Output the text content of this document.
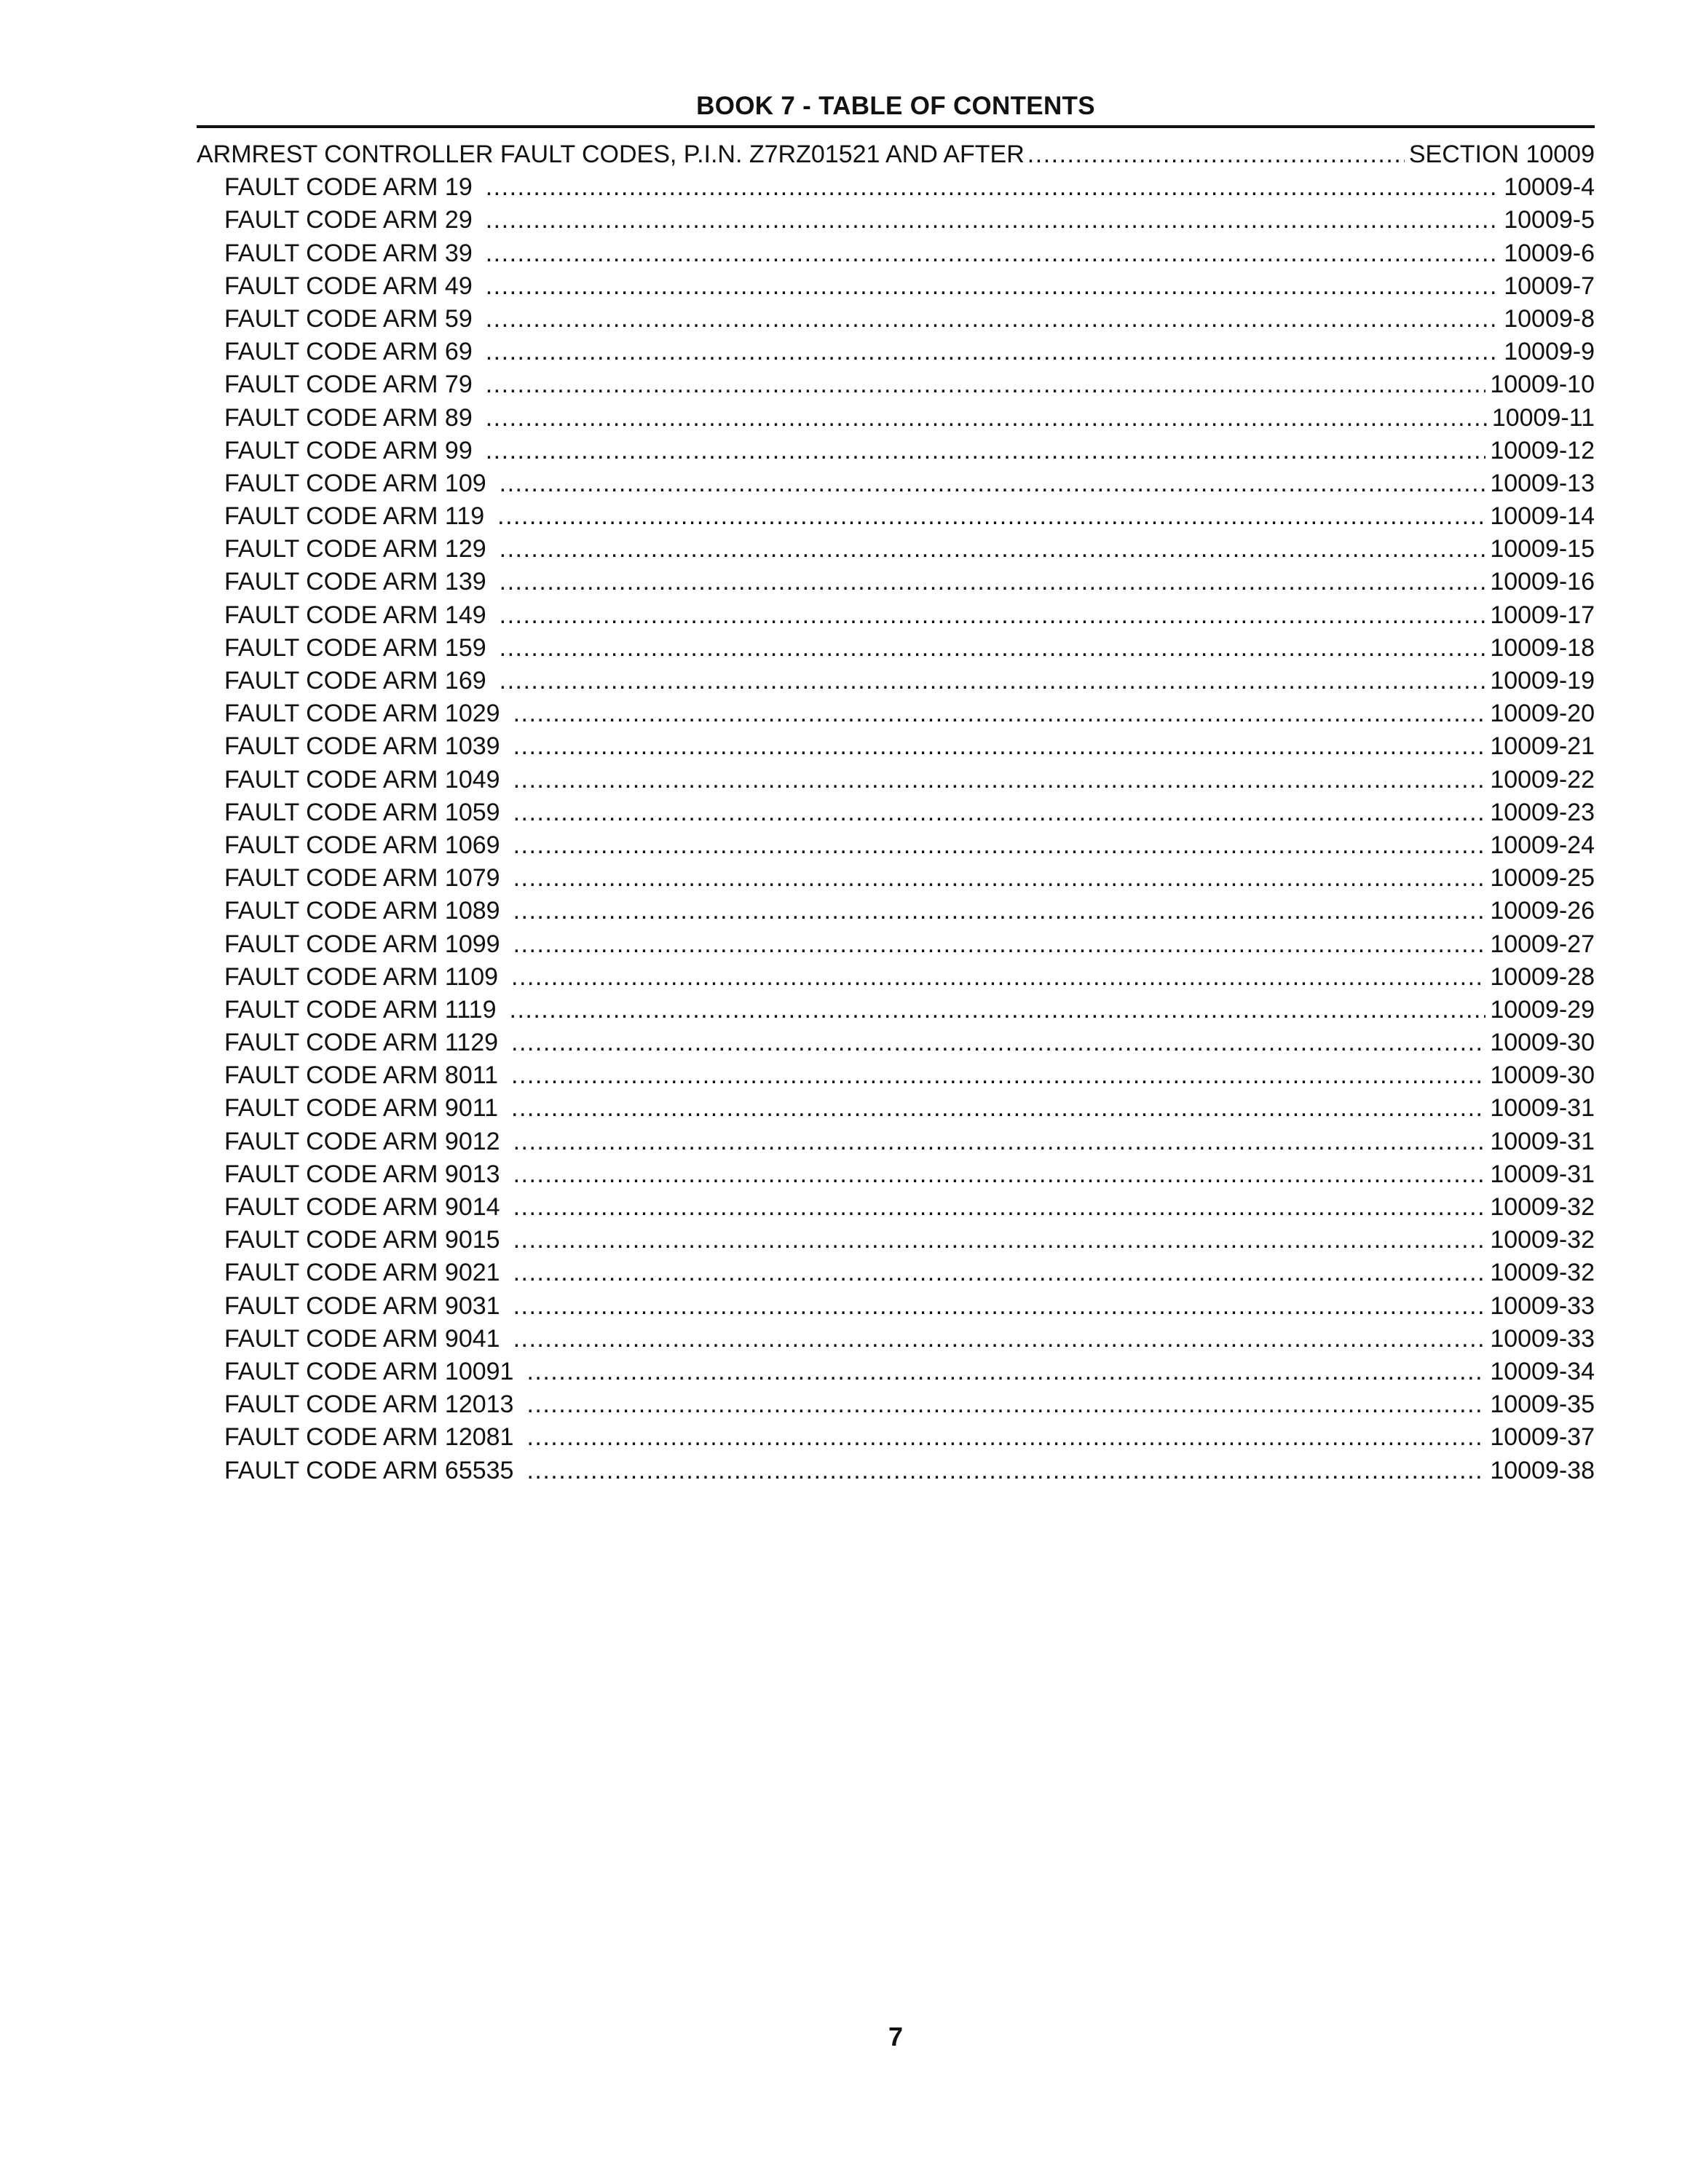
BOOK 7 - TABLE OF CONTENTS
ARMREST CONTROLLER FAULT CODES, P.I.N. Z7RZ01521 AND AFTER .....	SECTION 10009
FAULT CODE ARM 19 .....	10009-4
FAULT CODE ARM 29 .....	10009-5
FAULT CODE ARM 39 .....	10009-6
FAULT CODE ARM 49 .....	10009-7
FAULT CODE ARM 59 .....	10009-8
FAULT CODE ARM 69 .....	10009-9
FAULT CODE ARM 79 .....	10009-10
FAULT CODE ARM 89 .....	10009-11
FAULT CODE ARM 99 .....	10009-12
FAULT CODE ARM 109 .....	10009-13
FAULT CODE ARM 119 .....	10009-14
FAULT CODE ARM 129 .....	10009-15
FAULT CODE ARM 139 .....	10009-16
FAULT CODE ARM 149 .....	10009-17
FAULT CODE ARM 159 .....	10009-18
FAULT CODE ARM 169 .....	10009-19
FAULT CODE ARM 1029 .....	10009-20
FAULT CODE ARM 1039 .....	10009-21
FAULT CODE ARM 1049 .....	10009-22
FAULT CODE ARM 1059 .....	10009-23
FAULT CODE ARM 1069 .....	10009-24
FAULT CODE ARM 1079 .....	10009-25
FAULT CODE ARM 1089 .....	10009-26
FAULT CODE ARM 1099 .....	10009-27
FAULT CODE ARM 1109 .....	10009-28
FAULT CODE ARM 1119 .....	10009-29
FAULT CODE ARM 1129 .....	10009-30
FAULT CODE ARM 8011 .....	10009-30
FAULT CODE ARM 9011 .....	10009-31
FAULT CODE ARM 9012 .....	10009-31
FAULT CODE ARM 9013 .....	10009-31
FAULT CODE ARM 9014 .....	10009-32
FAULT CODE ARM 9015 .....	10009-32
FAULT CODE ARM 9021 .....	10009-32
FAULT CODE ARM 9031 .....	10009-33
FAULT CODE ARM 9041 .....	10009-33
FAULT CODE ARM 10091 .....	10009-34
FAULT CODE ARM 12013 .....	10009-35
FAULT CODE ARM 12081 .....	10009-37
FAULT CODE ARM 65535 .....	10009-38
7
